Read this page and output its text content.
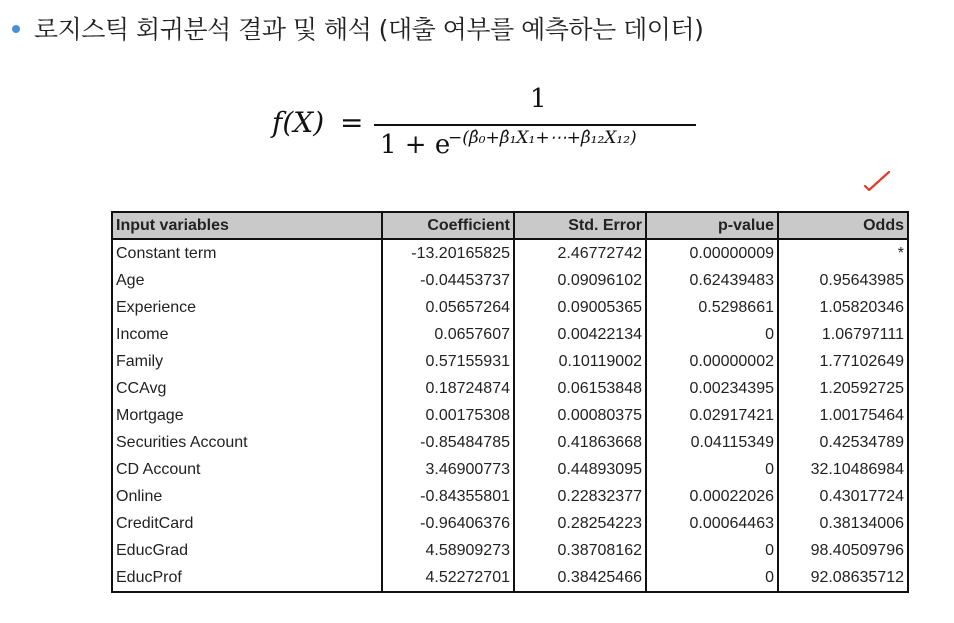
로지스틱 회귀분석 결과 및 해석 (대출 여부를 예측하는 데이터)
f(X) =
1
1 + e
−(β̂₀+β̂₁X₁+⋯+β̂₁₂X₁₂)
Input variables	Coefficient	Std. Error	p-value	Odds
Constant term	-13.20165825	2.46772742	0.00000009	*
Age	-0.04453737	0.09096102	0.62439483	0.95643985
Experience	0.05657264	0.09005365	0.5298661	1.05820346
Income	0.0657607	0.00422134	0	1.06797111
Family	0.57155931	0.10119002	0.00000002	1.77102649
CCAvg	0.18724874	0.06153848	0.00234395	1.20592725
Mortgage	0.00175308	0.00080375	0.02917421	1.00175464
Securities Account	-0.85484785	0.41863668	0.04115349	0.42534789
CD Account	3.46900773	0.44893095	0	32.10486984
Online	-0.84355801	0.22832377	0.00022026	0.43017724
CreditCard	-0.96406376	0.28254223	0.00064463	0.38134006
EducGrad	4.58909273	0.38708162	0	98.40509796
EducProf	4.52272701	0.38425466	0	92.08635712
